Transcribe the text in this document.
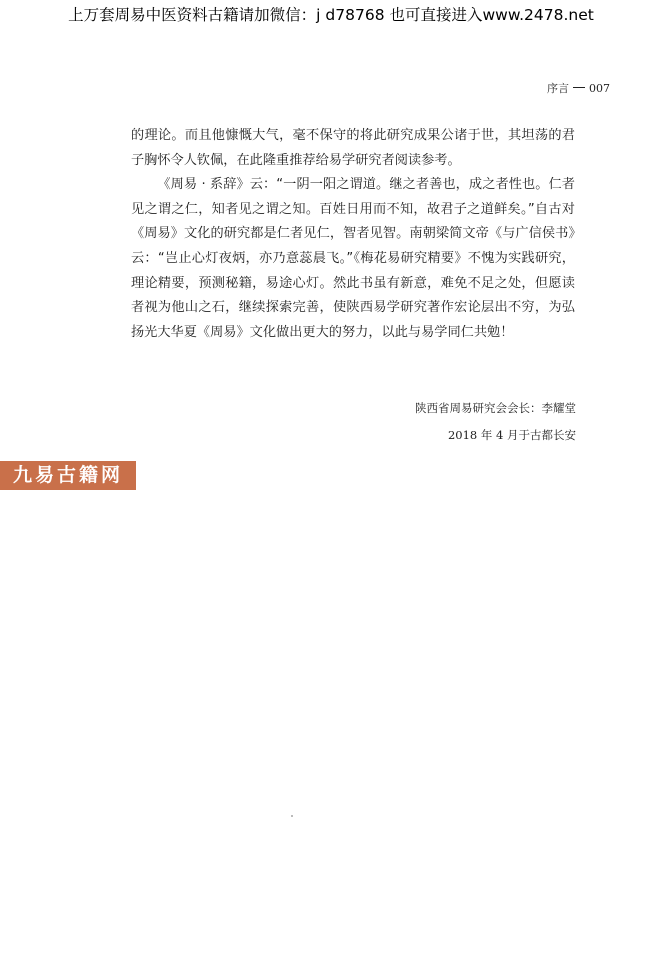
上万套周易中医资料古籍请加微信：j d78768 也可直接进入www.2478.net
序言 007

的理论。而且他慷慨大气，毫不保守的将此研究成果公诸于世，其坦荡的君子胸怀令人钦佩，在此隆重推荐给易学研究者阅读参考。

《周易 · 系辞》云：“一阴一阳之谓道。继之者善也，成之者性也。仁者见之谓之仁，知者见之谓之知。百姓日用而不知，故君子之道鲜矣。”自古对《周易》文化的研究都是仁者见仁，智者见智。南朝梁简文帝《与广信侯书》云：“岂止心灯夜炳，亦乃意蕊晨飞。”《梅花易研究精要》不愧为实践研究，理论精要，预测秘籍，易途心灯。然此书虽有新意，难免不足之处，但愿读者视为他山之石，继续探索完善，使陕西易学研究著作宏论层出不穷，为弘扬光大华夏《周易》文化做出更大的努力，以此与易学同仁共勉！

陕西省周易研究会会长：李耀堂
2018 年 4 月于古都长安
九易古籍网
